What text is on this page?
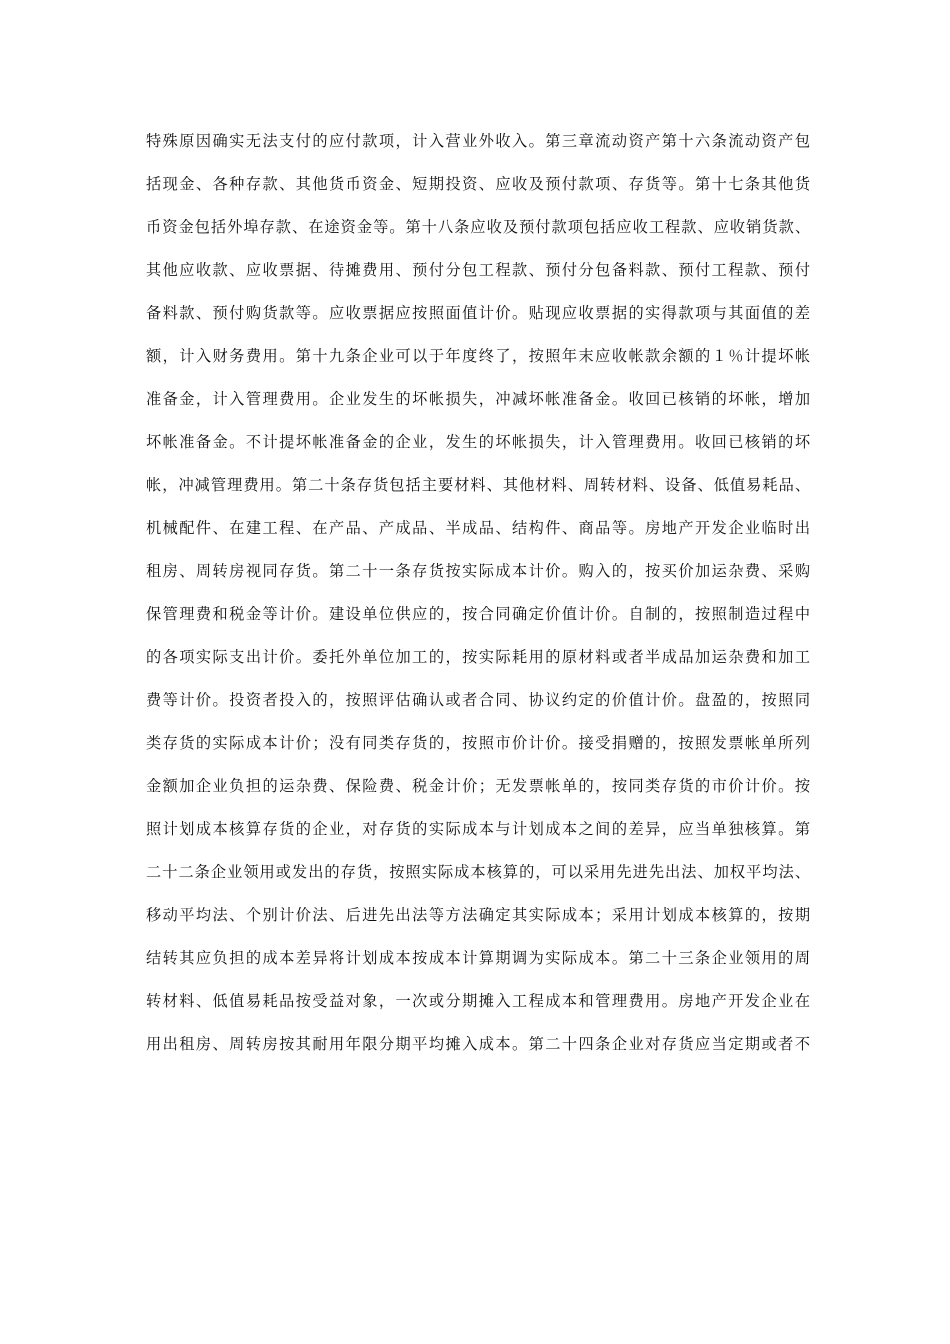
特殊原因确实无法支付的应付款项，计入营业外收入。第三章流动资产第十六条流动资产包
括现金、各种存款、其他货币资金、短期投资、应收及预付款项、存货等。第十七条其他货
币资金包括外埠存款、在途资金等。第十八条应收及预付款项包括应收工程款、应收销货款、
其他应收款、应收票据、待摊费用、预付分包工程款、预付分包备料款、预付工程款、预付
备料款、预付购货款等。应收票据应按照面值计价。贴现应收票据的实得款项与其面值的差
额，计入财务费用。第十九条企业可以于年度终了，按照年末应收帐款余额的１％计提坏帐
准备金，计入管理费用。企业发生的坏帐损失，冲减坏帐准备金。收回已核销的坏帐，增加
坏帐准备金。不计提坏帐准备金的企业，发生的坏帐损失，计入管理费用。收回已核销的坏
帐，冲减管理费用。第二十条存货包括主要材料、其他材料、周转材料、设备、低值易耗品、
机械配件、在建工程、在产品、产成品、半成品、结构件、商品等。房地产开发企业临时出
租房、周转房视同存货。第二十一条存货按实际成本计价。购入的，按买价加运杂费、采购
保管理费和税金等计价。建设单位供应的，按合同确定价值计价。自制的，按照制造过程中
的各项实际支出计价。委托外单位加工的，按实际耗用的原材料或者半成品加运杂费和加工
费等计价。投资者投入的，按照评估确认或者合同、协议约定的价值计价。盘盈的，按照同
类存货的实际成本计价；没有同类存货的，按照市价计价。接受捐赠的，按照发票帐单所列
金额加企业负担的运杂费、保险费、税金计价；无发票帐单的，按同类存货的市价计价。按
照计划成本核算存货的企业，对存货的实际成本与计划成本之间的差异，应当单独核算。第
二十二条企业领用或发出的存货，按照实际成本核算的，可以采用先进先出法、加权平均法、
移动平均法、个别计价法、后进先出法等方法确定其实际成本；采用计划成本核算的，按期
结转其应负担的成本差异将计划成本按成本计算期调为实际成本。第二十三条企业领用的周
转材料、低值易耗品按受益对象，一次或分期摊入工程成本和管理费用。房地产开发企业在
用出租房、周转房按其耐用年限分期平均摊入成本。第二十四条企业对存货应当定期或者不
